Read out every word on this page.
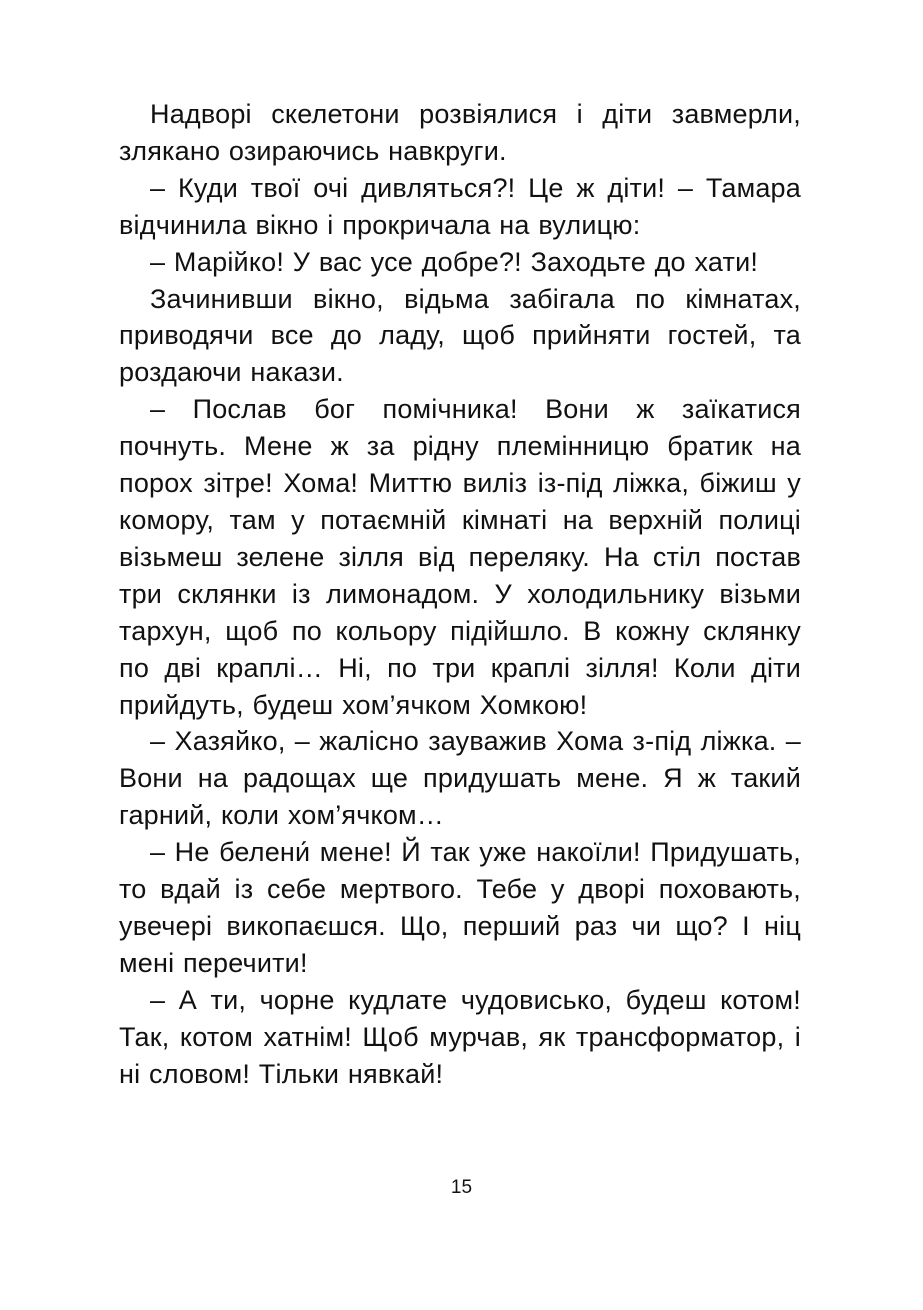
Надворі скелетони розвіялися і діти завмерли, злякано озираючись навкруги.

– Куди твої очі дивляться?! Це ж діти! – Тамара відчинила вікно і прокричала на вулицю:

– Марійко! У вас усе добре?! Заходьте до хати!

Зачинивши вікно, відьма забігала по кімнатах, приводячи все до ладу, щоб прийняти гостей, та роздаючи накази.

– Послав бог помічника! Вони ж заїкатися почнуть. Мене ж за рідну племінницю братик на порох зітре! Хома! Миттю виліз із-під ліжка, біжиш у комору, там у потаємній кімнаті на верхній полиці візьмеш зелене зілля від переляку. На стіл постав три склянки із лимонадом. У холодильнику візьми тархун, щоб по кольору підійшло. В кожну склянку по дві краплі… Ні, по три краплі зілля! Коли діти прийдуть, будеш хом’ячком Хомкою!

– Хазяйко, – жалісно зауважив Хома з-під ліжка. – Вони на радощах ще придушать мене. Я ж такий гарний, коли хом’ячком…

– Не белени́ мене! Й так уже накоїли! Придушать, то вдай із себе мертвого. Тебе у дворі поховають, увечері викопаєшся. Що, перший раз чи що? І ніц мені перечити!

– А ти, чорне кудлате чудовисько, будеш котом! Так, котом хатнім! Щоб мурчав, як трансформатор, і ні словом! Тільки нявкай!

15
